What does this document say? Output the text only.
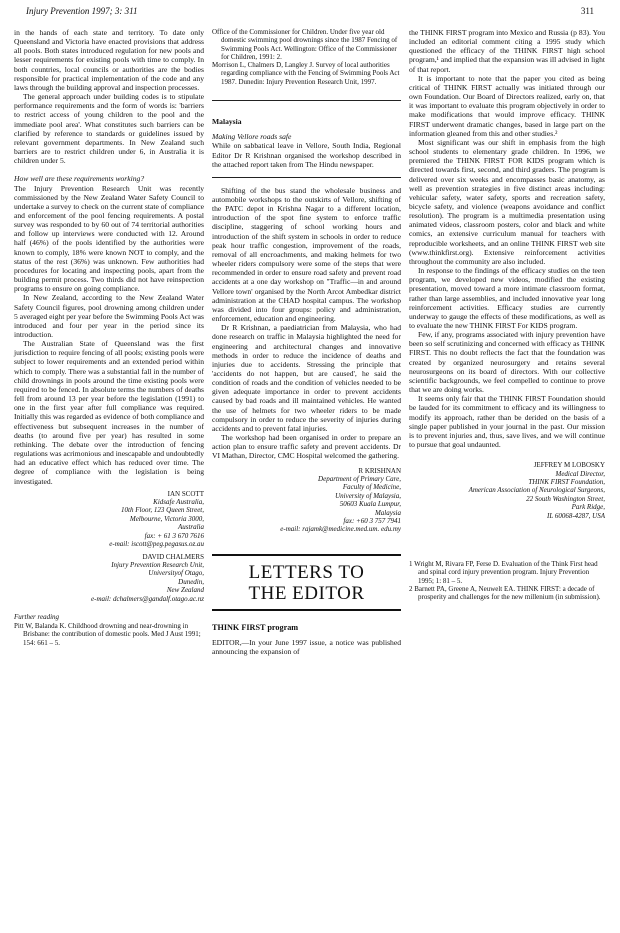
Injury Prevention 1997; 3: 311	311

in the hands of each state and territory. To date only Queensland and Victoria have enacted provisions that address all pools. Both states introduced regulation for new pools and lesser requirements for existing pools with time to comply. In both countries, local councils or authorities are the bodies responsible for practical implementation of the code and any laws through the building approval and inspection processes.

The general approach under building codes is to stipulate performance requirements and the form of words is: 'barriers to restrict access of young children to the pool and the immediate pool area'. What constitutes such barriers can be clarified by reference to standards or guidelines issued by relevant government departments. In New Zealand such barriers are to restrict children under 6, in Australia it is children under 5.

How well are these requirements working?

The Injury Prevention Research Unit was recently commissioned by the New Zealand Water Safety Council to undertake a survey to check on the current state of compliance and enforcement of the pool fencing requirements. A postal survey was responded to by 60 out of 74 territorial authorities and follow up interviews were conducted with 12. Around half (46%) of the pools identified by the authorities were known to comply, 18% were known NOT to comply, and the status of the rest (36%) was unknown. Few authorities had procedures for locating and inspecting pools, apart from the building permit process. Two thirds did not have reinspection programs to ensure on going compliance.

In New Zealand, according to the New Zealand Water Safety Council figures, pool drowning among children under 5 averaged eight per year before the Swimming Pools Act was introduced and four per year in the period since its introduction.

The Australian State of Queensland was the first jurisdiction to require fencing of all pools; existing pools were subject to lower requirements and an extended period within which to comply. There was a substantial fall in the number of child drownings in pools around the time existing pools were required to be fenced. In absolute terms the numbers of deaths fell from around 13 per year before the legislation (1991) to one in the first year after full compliance was required. Initially this was regarded as evidence of both compliance and effectiveness but subsequent increases in the number of deaths (to around five per year) has resulted in some rethinking. The debate over the introduction of fencing regulations was acrimonious and inescapable and undoubtedly had an educative effect which has reduced over time. The degree of compliance with the legislation is being investigated.

IAN SCOTT
Kidsafe Australia,
10th Floor, 123 Queen Street,
Melbourne, Victoria 3000,
Australia
fax: + 61 3 670 7616
e-mail: iscott@peg.pegasus.oz.au
DAVID CHALMERS
Injury Prevention Research Unit,
Universityof Otago,
Dunedin,
New Zealand
e-mail: dchalmers@gandalf.otago.ac.nz
Further reading

Pitt W, Balanda K. Childhood drowning and near-drowning in Brisbane: the contribution of domestic pools. Med J Aust 1991; 154: 661 – 5.

Office of the Commissioner for Children. Under five year old domestic swimming pool drownings since the 1987 Fencing of Swimming Pools Act. Wellington: Office of the Commissioner for Children, 1991: 2.

Morrison L, Chalmers D, Langley J. Survey of local authorities regarding compliance with the Fencing of Swimming Pools Act 1987. Dunedin: Injury Prevention Research Unit, 1997.

Malaysia
Making Vellore roads safe

While on sabbatical leave in Vellore, South India, Regional Editor Dr R Krishnan organised the workshop described in the attached report taken from The Hindu newspaper.

Shifting of the bus stand the wholesale business and automobile workshops to the outskirts of Vellore, shifting of the PATC depot in Krishna Nagar to a different location, introduction of the spot fine system to enforce traffic discipline, staggering of school working hours and introduction of the shift system in schools in order to reduce peak hour traffic congestion, improvement of the roads, removal of all encroachments, and making helmets for two wheeler riders compulsory were some of the steps that were recommended in order to ensure road safety and prevent road accidents at a one day workshop on "Traffic—in and around Vellore town' organised by the North Arcot Ambedkar district administration at the CHAD hospital campus. The workshop was divided into four groups: policy and administration, enforcement, education and engineering.

Dr R Krishnan, a paediatrician from Malaysia, who had done research on traffic in Malaysia highlighted the need for engineering and architectural changes and innovative methods in order to reduce the incidence of deaths and injuries due to accidents. Stressing the principle that 'accidents do not happen, but are caused', he said the condition of roads and the condition of vehicles needed to be given adequate importance in order to prevent accidents caused by bad roads and ill maintained vehicles. He wanted the use of helmets for two wheeler riders to be made compulsory in order to reduce the severity of injuries during accidents and to prevent fatal injuries.

The workshop had been organised in order to prepare an action plan to ensure traffic safety and prevent accidents. Dr VI Mathan, Director, CMC Hospital welcomed the gathering.

R KRISHNAN
Department of Primary Care,
Faculty of Medicine,
University of Malaysia,
50603 Kuala Lumpur,
Malaysia
fax: +60 3 757 7941
e-mail: rajamk@medicine.med.um. edu.my
LETTERS TO
THE EDITOR
THINK FIRST program

EDITOR,—In your June 1997 issue, a notice was published announcing the expansion of

the THINK FIRST program into Mexico and Russia (p 83). You included an editorial comment citing a 1995 study which questioned the efficacy of the THINK FIRST high school program,¹ and implied that the expansion was ill advised in light of that report.

It is important to note that the paper you cited as being critical of THINK FIRST actually was initiated through our own Foundation. Our Board of Directors realized, early on, that it was important to evaluate this program objectively in order to make modifications that would improve efficacy. THINK FIRST underwent dramatic changes, based in large part on the information gleaned from this and other studies.²

Most significant was our shift in emphasis from the high school students to elementary grade children. In 1996, we premiered the THINK FIRST FOR KIDS program which is directed towards first, second, and third graders. The program is delivered over six weeks and encompasses basic anatomy, as well as prevention strategies in five distinct areas including: vehicular safety, water safety, sports and recreation safety, bicycle safety, and violence (weapons avoidance and conflict resolution). The program is a multimedia presentation using animated videos, classroom posters, color and black and white comics, an extensive curriculum manual for teachers with reproducible worksheets, and an online THINK FIRST web site (www.thinkfirst.org). Extensive reinforcement activities throughout the community are also included.

In response to the findings of the efficacy studies on the teen program, we developed new videos, modified the existing presentation, moved toward a more intimate classroom format, rather than large assemblies, and included innovative year long reinforcement activities. Efficacy studies are currently underway to gauge the effects of these modifications, as well as to evaluate the new THINK FIRST For KIDS program.

Few, if any, programs associated with injury prevention have been so self scrutinizing and concerned with efficacy as THINK FIRST. This no doubt reflects the fact that the foundation was created by organized neurosurgery and retains several neurosurgeons on its board of directors. With our collective scientific backgrounds, we feel compelled to continue to prove that we are doing works.

It seems only fair that the THINK FIRST Foundation should be lauded for its commitment to efficacy and its willingness to modify its approach, rather than be derided on the basis of a single paper published in your journal in the past. Our mission is to prevent injuries and, thus, save lives, and we will continue to pursue that goal undaunted.

JEFFREY M LOBOSKY
Medical Director,
THINK FIRST Foundation,
American Association of Neurological Surgeons,
22 South Washington Street,
Park Ridge,
IL 60068-4287, USA

1 Wright M, Rivara FP, Ferse D. Evaluation of the Think First head and spinal cord injury prevention program. Injury Prevention 1995; 1: 81 – 5.

2 Barnett PA, Greene A, Neuwelt EA. THINK FIRST: a decade of prosperity and challenges for the new millenium (in submission).
